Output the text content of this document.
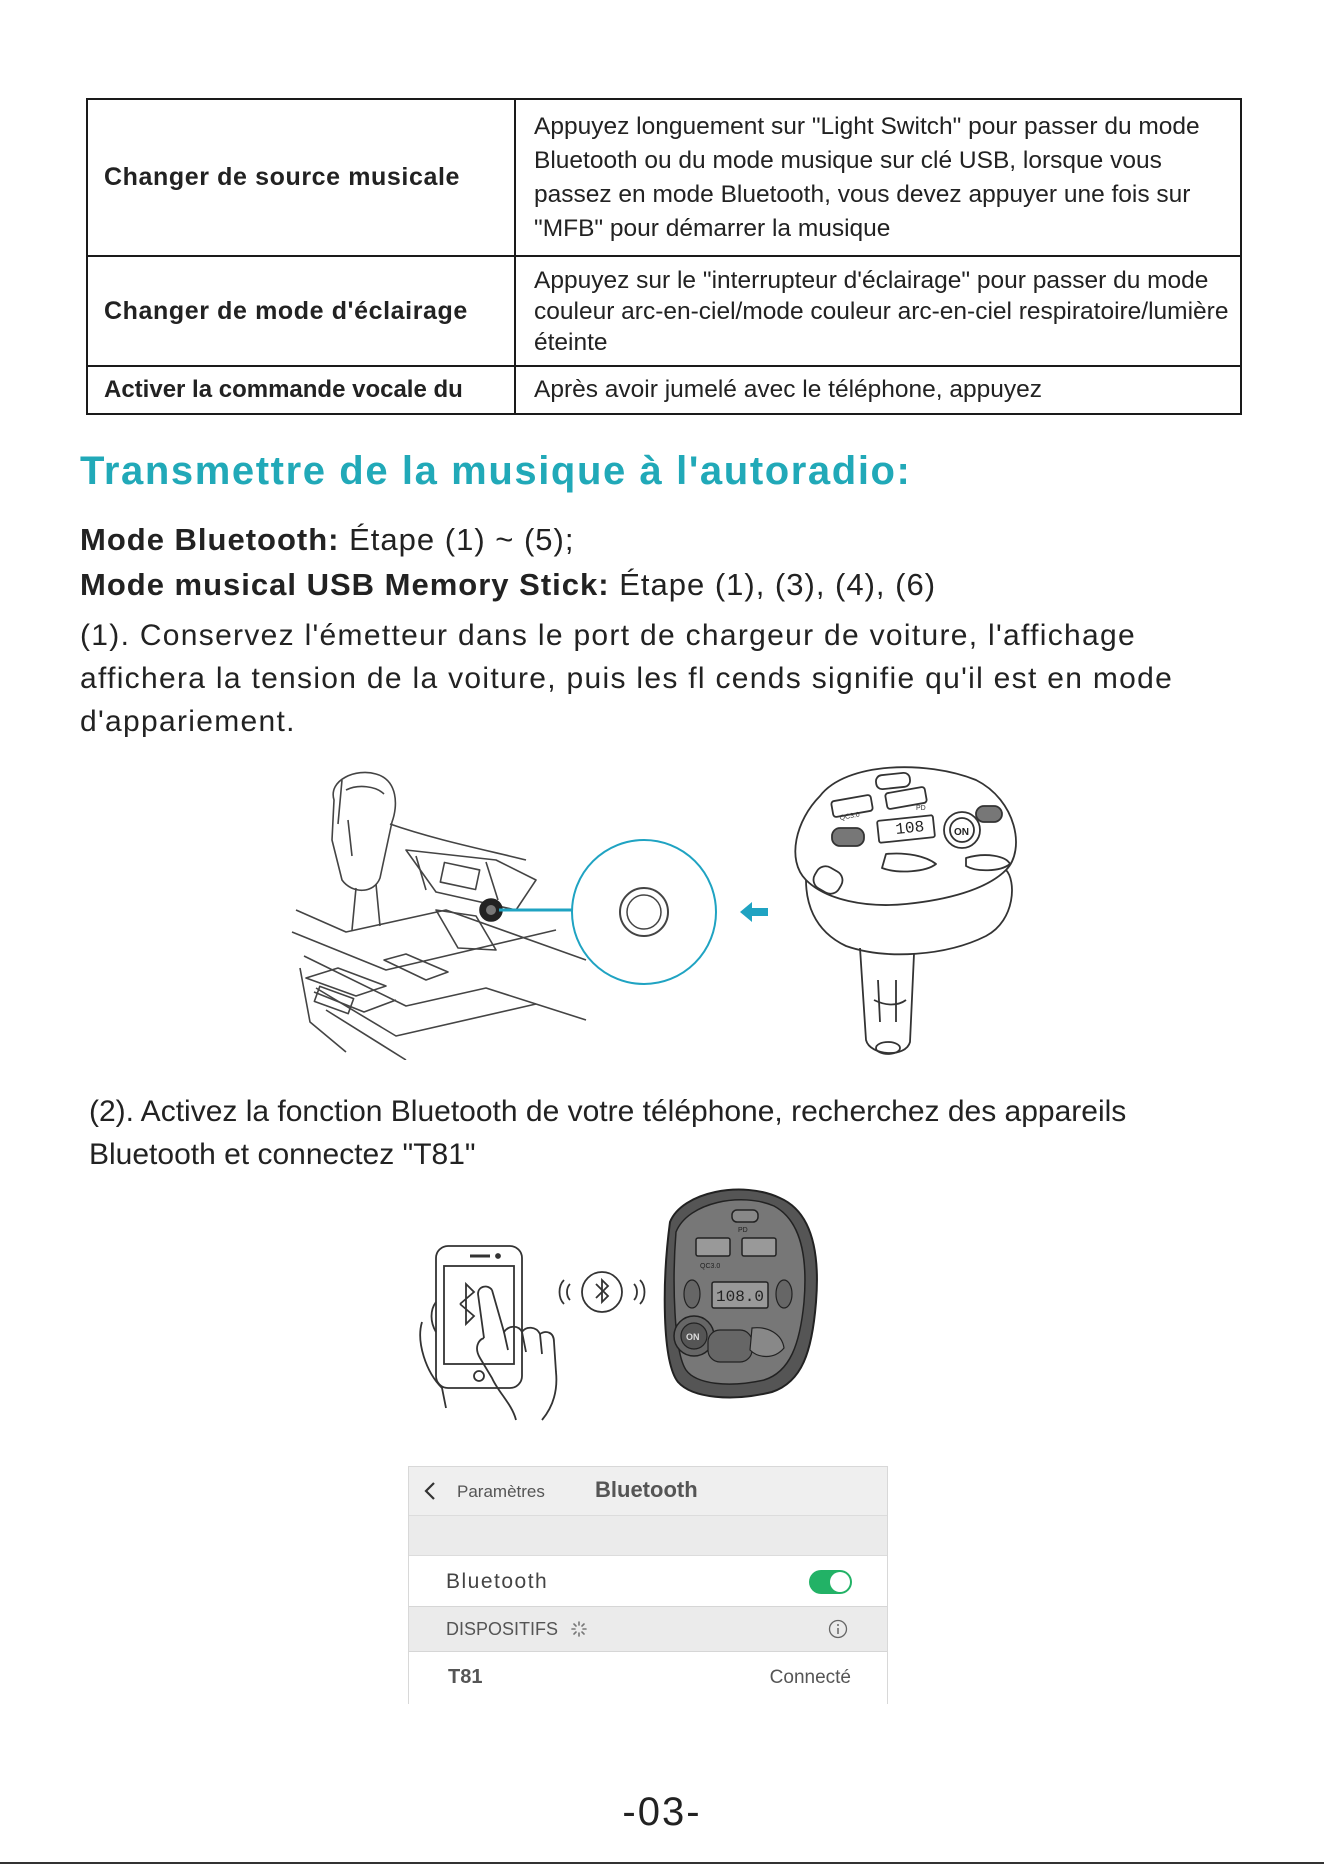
Changer de source musicale	Appuyez longuement sur "Light Switch" pour passer du mode Bluetooth ou du mode musique sur clé USB, lorsque vous passez en mode Bluetooth, vous devez appuyer une fois sur "MFB" pour démarrer la musique
Changer de mode d'éclairage	Appuyez sur le "interrupteur d'éclairage" pour passer du mode couleur arc-en-ciel/mode couleur arc-en-ciel respiratoire/lumière éteinte
Activer la commande vocale du	Après avoir jumelé avec le téléphone, appuyez
Transmettre de la musique à l'autoradio:
Mode Bluetooth: Étape (1) ~ (5);
Mode musical USB Memory Stick: Étape (1), (3), (4), (6)

(1). Conservez l'émetteur dans le port de chargeur de voiture, l'affichage affichera la tension de la voiture, puis les fl cends signifie qu'il est en mode d'appariement.

108	ON
QC3.0
PD

(2). Activez la fonction Bluetooth de votre téléphone, recherchez des appareils Bluetooth et connectez "T81"

108.0
PD
QC3.0
ON
Paramètres Bluetooth
Bluetooth
DISPOSITIFS
T81	Connecté
-03-
